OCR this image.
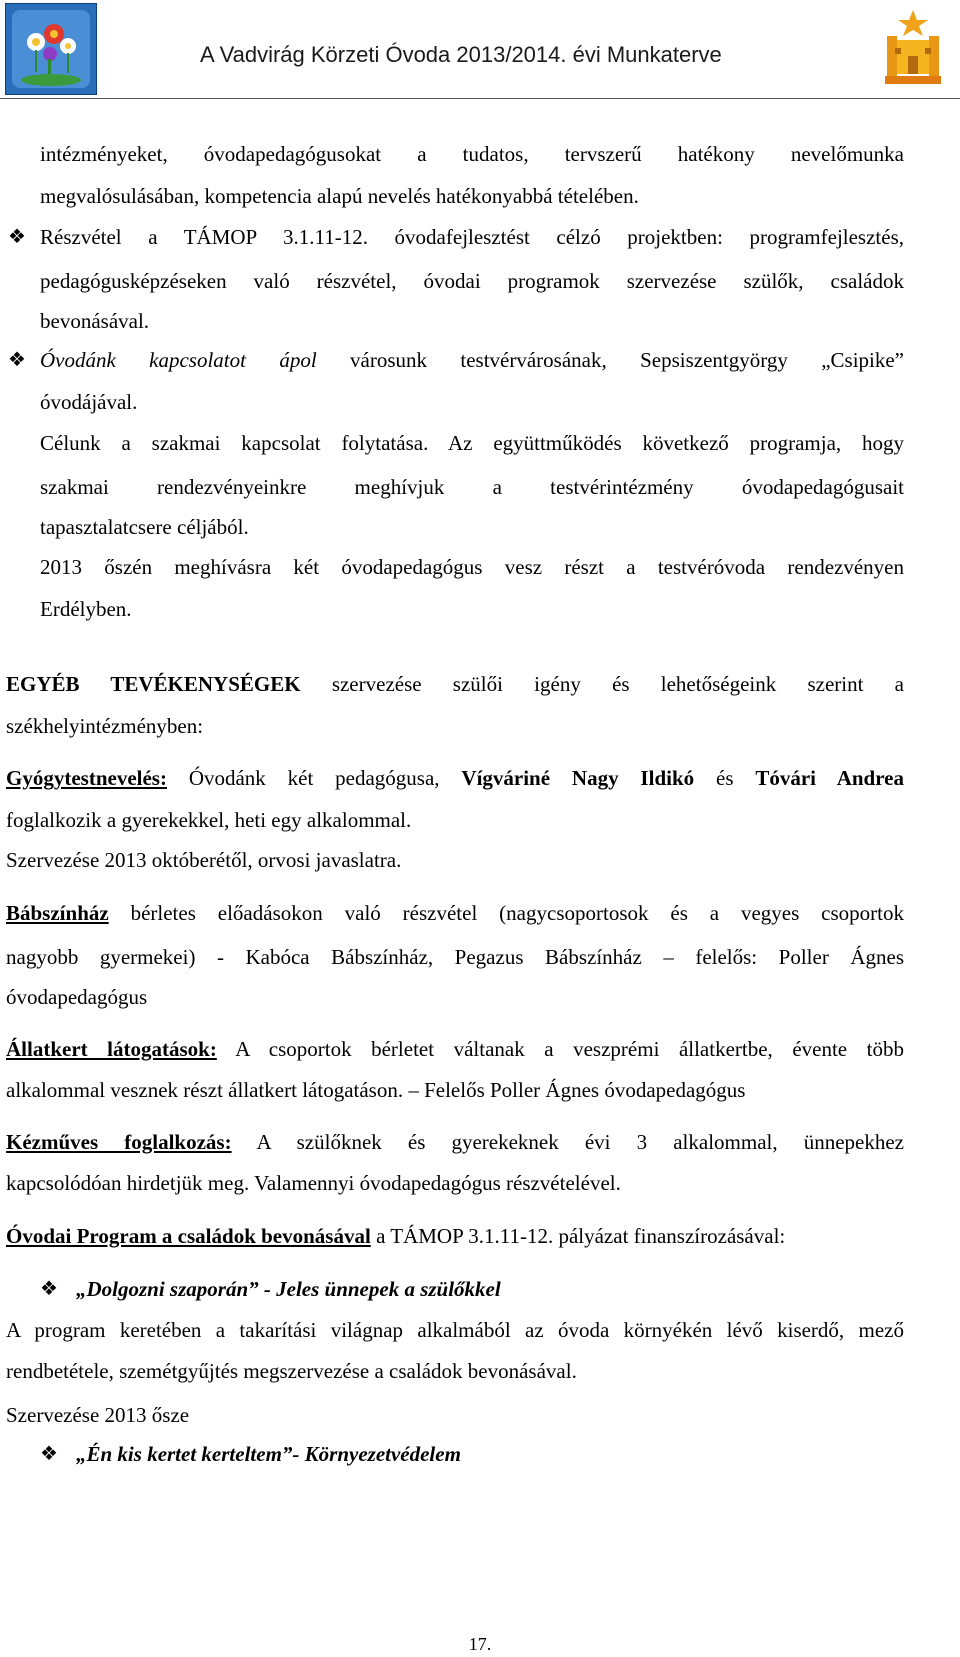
A Vadvirág Körzeti Óvoda 2013/2014. évi Munkaterve
intézményeket, óvodapedagógusokat a tudatos, tervszerű hatékony nevelőmunka
megvalósulásában, kompetencia alapú nevelés hatékonyabbá tételében.
❖ Részvétel a TÁMOP 3.1.11-12. óvodafejlesztést célzó projektben: programfejlesztés,
pedagógusképzéseken való részvétel, óvodai programok szervezése szülők, családok
bevonásával.
❖ Óvodánk kapcsolatot ápol városunk testvérvárosának, Sepsiszentgyörgy „Csipike”
óvodájával.
Célunk a szakmai kapcsolat folytatása. Az együttműködés következő programja, hogy
szakmai rendezvényeinkre meghívjuk a testvérintézmény óvodapedagógusait
tapasztalatcsere céljából.
2013 őszén meghívásra két óvodapedagógus vesz részt a testvéróvoda rendezvényen
Erdélyben.
EGYÉB TEVÉKENYSÉGEK szervezése szülői igény és lehetőségeink szerint a
székhelyintézményben:
Gyógytestnevelés: Óvodánk két pedagógusa, Vígváriné Nagy Ildikó és Tóvári Andrea
foglalkozik a gyerekekkel, heti egy alkalommal.
Szervezése 2013 októberétől, orvosi javaslatra.
Bábszínház bérletes előadásokon való részvétel (nagycsoportosok és a vegyes csoportok
nagyobb gyermekei) - Kabóca Bábszínház, Pegazus Bábszínház – felelős: Poller Ágnes
óvodapedagógus
Állatkert látogatások: A csoportok bérletet váltanak a veszprémi állatkertbe, évente több
alkalommal vesznek részt állatkert látogatáson. – Felelős Poller Ágnes óvodapedagógus
Kézműves foglalkozás: A szülőknek és gyerekeknek évi 3 alkalommal, ünnepekhez
kapcsolódóan hirdetjük meg. Valamennyi óvodapedagógus részvételével.
Óvodai Program a családok bevonásával a TÁMOP 3.1.11-12. pályázat finanszírozásával:
❖ „Dolgozni szaporán” - Jeles ünnepek a szülőkkel
A program keretében a takarítási világnap alkalmából az óvoda környékén lévő kiserdő, mező
rendbetétele, szemétgyűjtés megszervezése a családok bevonásával.
Szervezése 2013 ősze
❖ „Én kis kertet kerteltem”- Környezetvédelem
17.
